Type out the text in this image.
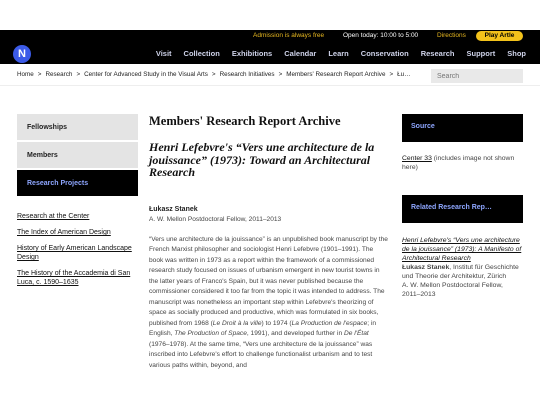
Admission is always free	Open today: 10:00 to 5:00	Directions	Play Artle
N	Visit Collection Exhibitions Calendar Learn Conservation Research Support Shop
Home > Research > Center for Advanced Study in the Visual Arts > Research Initiatives > Members' Research Report Archive > Łu…
Search
Fellowships
Members
Research Projects
Research at the Center
The Index of American Design
History of Early American Landscape Design
The History of the Accademia di San Luca, c. 1590–1635
Members' Research Report Archive
Henri Lefebvre's “Vers une architecture de la jouissance” (1973): Toward an Architectural Research
Łukasz Stanek
A. W. Mellon Postdoctoral Fellow, 2011–2013

“Vers une architecture de la jouissance” is an unpublished book manuscript by the French Marxist philosopher and sociologist Henri Lefebvre (1901–1991). The book was written in 1973 as a report within the framework of a commissioned research study focused on issues of urbanism emergent in new tourist towns in the latter years of Franco's Spain, but it was never published because the commissioner considered it too far from the topic it was intended to address. The manuscript was nonetheless an important step within Lefebvre's theorizing of space as socially produced and productive, which was formulated in six books, published from 1968 (Le Droit à la ville) to 1974 (La Production de l'espace; in English, The Production of Space, 1991), and developed further in De l'État (1976–1978). At the same time, “Vers une architecture de la jouissance” was inscribed into Lefebvre's effort to challenge functionalist urbanism and to test various paths within, beyond, and

Source
Center 33 (includes image not shown here)
Related Research Rep…
Henri Lefebvre's “Vers une architecture de la jouissance” (1973): A Manifesto of Architectural Research
Łukasz Stanek, Institut für Geschichte und Theorie der Architektur, Zürich
A. W. Mellon Postdoctoral Fellow, 2011–2013
